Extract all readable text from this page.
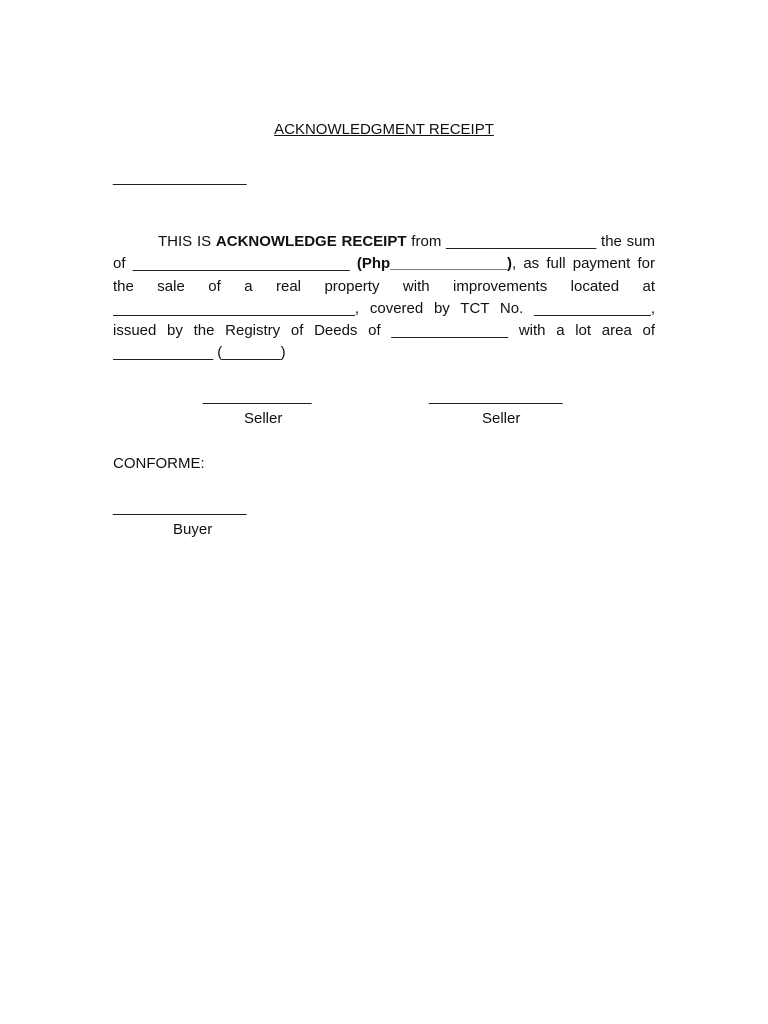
ACKNOWLEDGMENT RECEIPT
________________
THIS IS ACKNOWLEDGE RECEIPT from __________________ the sum
of __________________________ (Php______________), as full payment for
the sale of a real property with improvements located at
_____________________________, covered by TCT No. ______________,
issued by the Registry of Deeds of ______________ with a lot area of
____________ (_______)
_____________
Seller
________________
Seller
CONFORME:
________________
Buyer
